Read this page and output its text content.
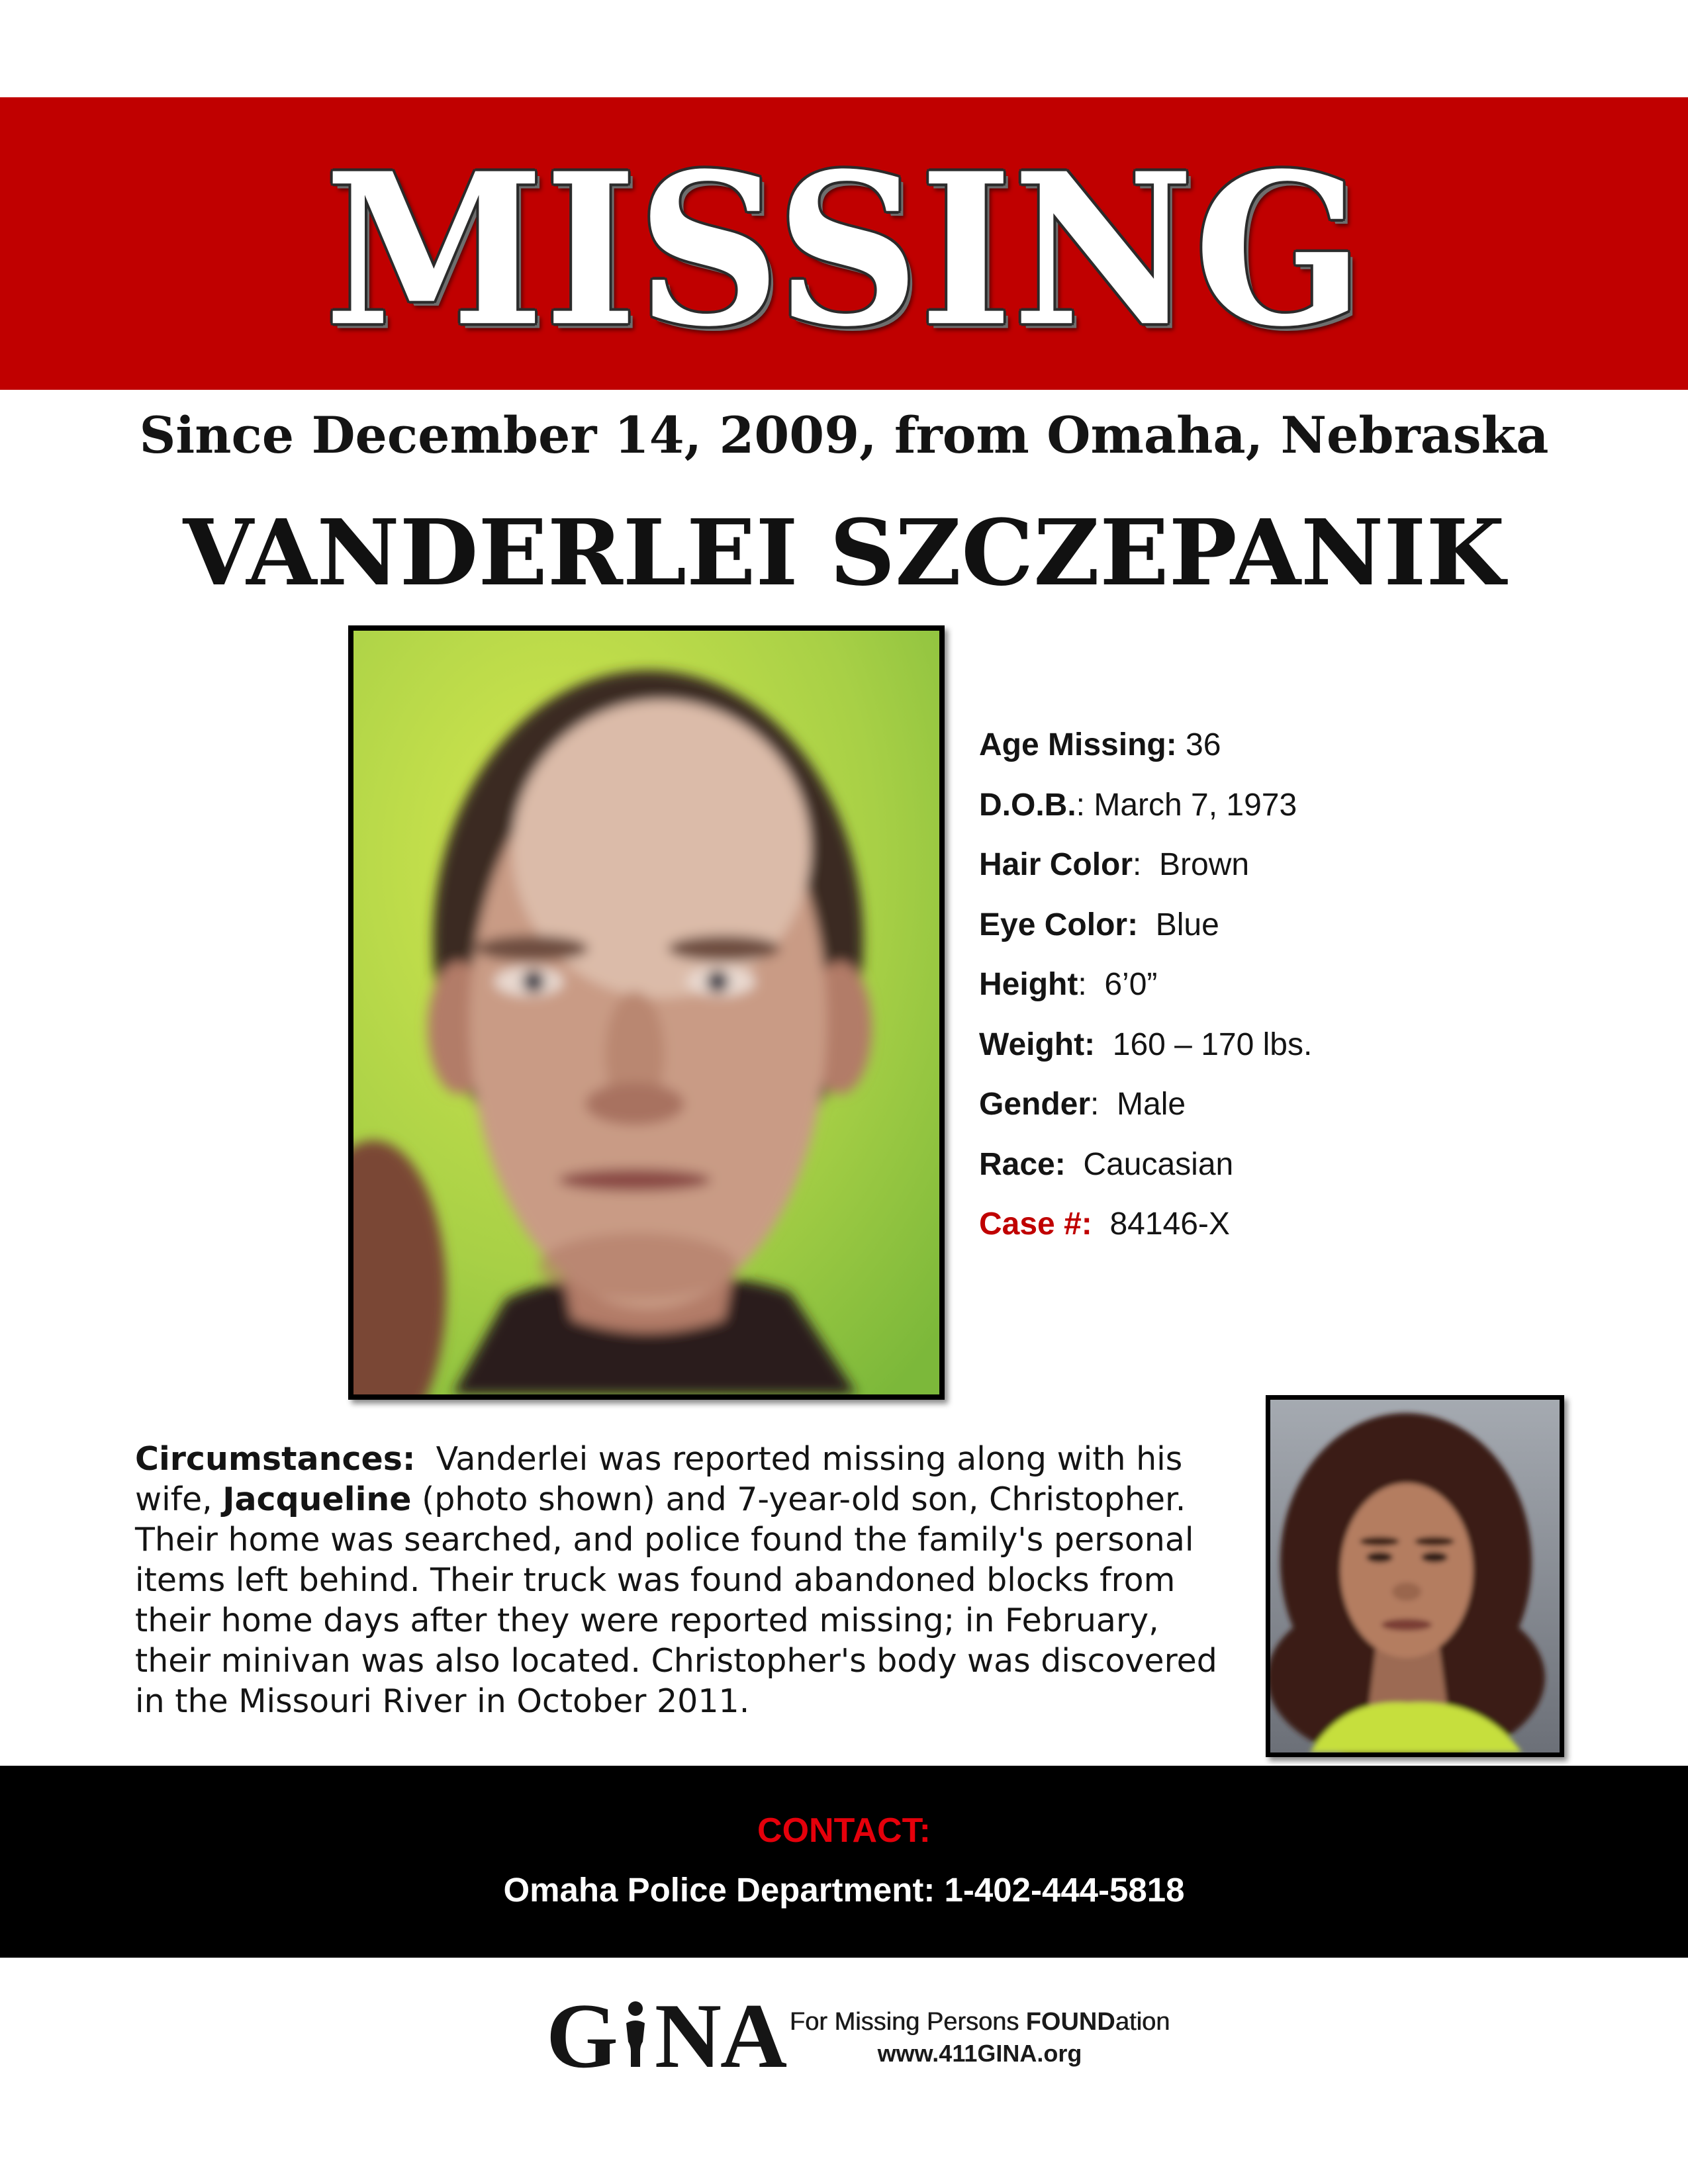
MISSING
Since December 14, 2009, from Omaha, Nebraska
VANDERLEI SZCZEPANIK
Age Missing: 36
D.O.B.: March 7, 1973
Hair Color:  Brown
Eye Color:  Blue
Height:  6’0”
Weight:  160 – 170 lbs.
Gender:  Male
Race:  Caucasian
Case #:  84146-X
Circumstances:  Vanderlei was reported missing along with his
wife, Jacqueline (photo shown) and 7-year-old son, Christopher.
Their home was searched, and police found the family's personal
items left behind. Their truck was found abandoned blocks from
their home days after they were reported missing; in February,
their minivan was also located. Christopher's body was discovered
in the Missouri River in October 2011.
CONTACT:
Omaha Police Department: 1-402-444-5818
G NA For Missing Persons FOUNDation
www.411GINA.org
